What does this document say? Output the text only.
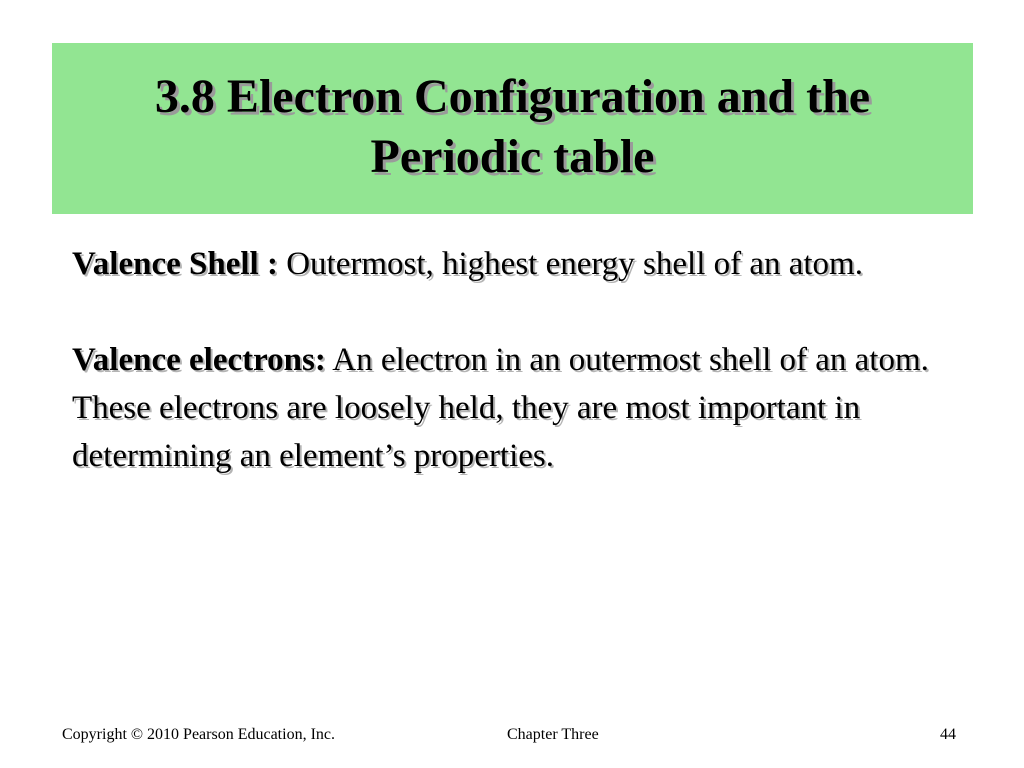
3.8 Electron Configuration and the
Periodic table

Valence Shell : Outermost, highest energy shell of an atom.

Valence electrons: An electron in an outermost shell of an atom. These electrons are loosely held, they are most important in determining an element’s properties.

Copyright © 2010 Pearson Education, Inc.	Chapter Three	44
